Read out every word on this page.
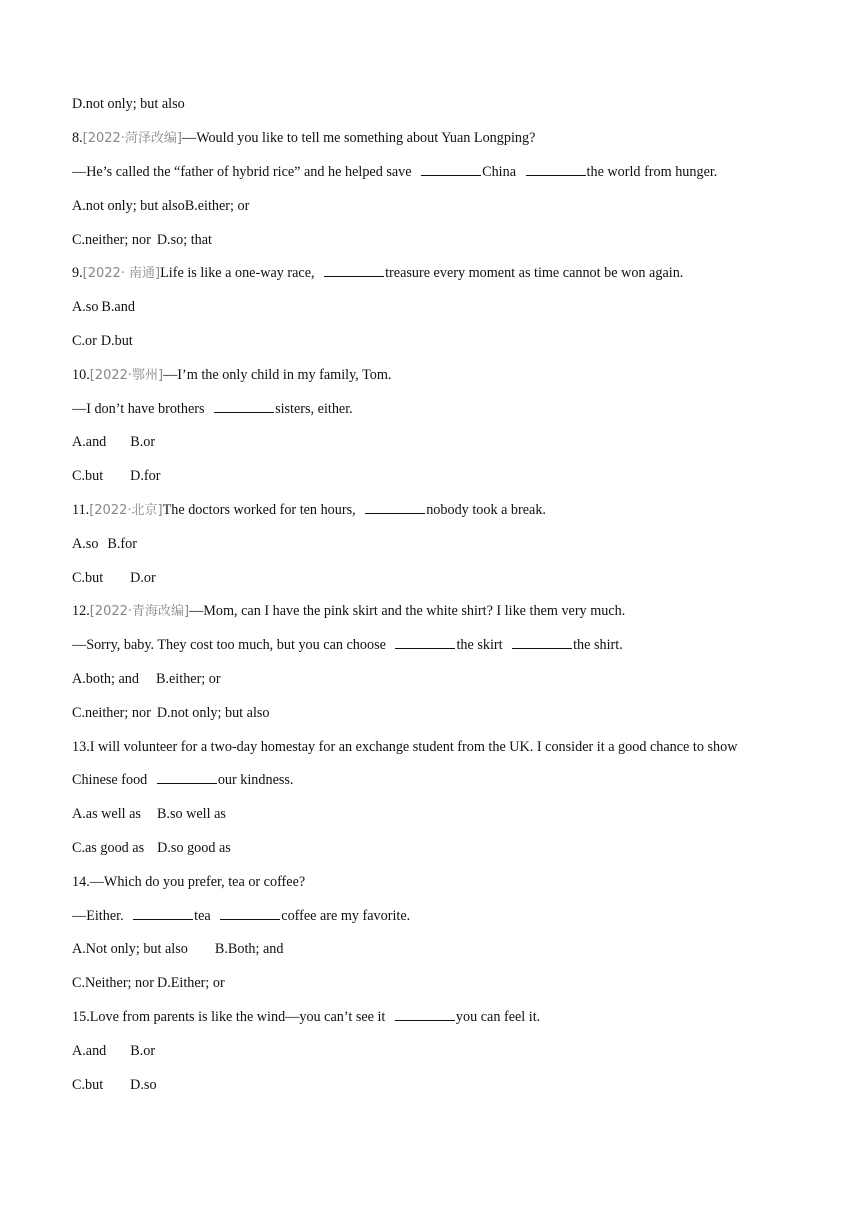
D.not only; but also
8.[2022·菏泽改编]—Would you like to tell me something about Yuan Longping?
—He’s called the “father of hybrid rice” and he helped save	China	the world from hunger.
A.not only; but alsoB.either; or
C.neither; nor D.so; that
9.[2022· 南通]Life is like a one-way race,	treasure every moment as time cannot be won again.
A.so B.and
C.or D.but
10.[2022·鄂州]—I’m the only child in my family, Tom.
—I don’t have brothers	sisters, either.
A.and B.or
C.but D.for
11.[2022·北京]The doctors worked for ten hours,	nobody took a break.
A.so B.for
C.but D.or
12.[2022·青海改编]—Mom, can I have the pink skirt and the white shirt? I like them very much.
—Sorry, baby. They cost too much, but you can choose	the skirt	the shirt.
A.both; and B.either; or
C.neither; nor D.not only; but also
13.I will volunteer for a two-day homestay for an exchange student from the UK. I consider it a good chance to show
Chinese food	our kindness.
A.as well as B.so well as
C.as good as D.so good as
14.—Which do you prefer, tea or coffee?
—Either.	tea	coffee are my favorite.
A.Not only; but also B.Both; and
C.Neither; nor D.Either; or
15.Love from parents is like the wind—you can’t see it	you can feel it.
A.and B.or
C.but D.so
